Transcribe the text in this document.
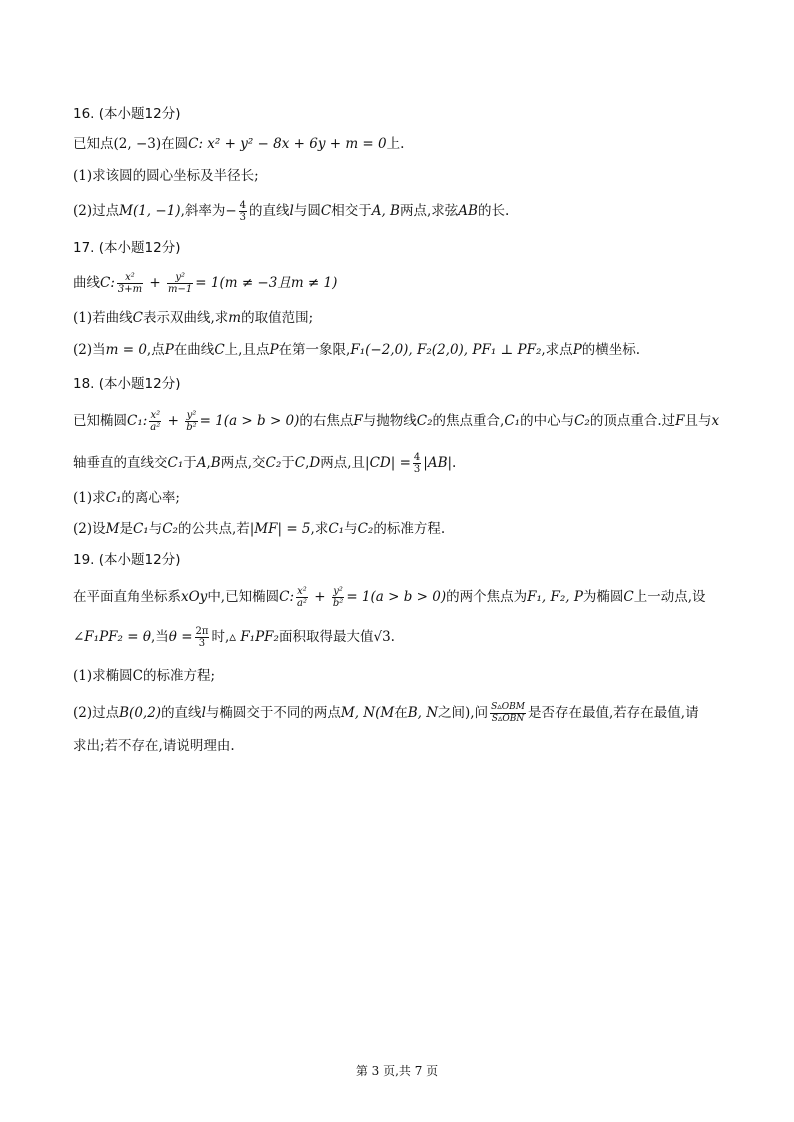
16. (本小题12分)
已知点(2, −3)在圆C: x² + y² − 8x + 6y + m = 0上.
(1)求该圆的圆心坐标及半径长;
(2)过点M(1, −1),斜率为− $\frac{4}{3}$ 的直线l与圆C相交于A, B两点,求弦AB的长.
17. (本小题12分)
曲线C: $\frac{\text{x²}}{3+m} + \frac{\text{y²}}{m-1} = 1(m \ne -3$且m ≠ 1)
(1)若曲线C表示双曲线,求m的取值范围;
(2)当m = 0,点P在曲线C上,且点P在第一象限,F₁(−2,0), F₂(2,0), PF₁ ⊥ PF₂,求点P的横坐标.
18. (本小题12分)
已知椭圆C₁: $\frac{\text{x²}}{\text{a²}} + \frac{\text{y²}}{\text{b²}} = 1(a > b > 0)$的右焦点F与抛物线C₂的焦点重合,C₁的中心与C₂的顶点重合.过F且与x
轴垂直的直线交C₁于A,B两点,交C₂于C,D两点,且$|CD| = \frac{4}{3} |AB|$.
(1)求C₁的离心率;
(2)设M是C₁与C₂的公共点,若|MF| = 5,求C₁与C₂的标准方程.
19. (本小题12分)
在平面直角坐标系xOy中,已知椭圆C: $\frac{\text{x²}}{\text{a²}} + \frac{\text{y²}}{\text{b²}} = 1(a > b > 0)$的两个焦点为F₁, F₂, P为椭圆C上一动点,设
∠F₁PF₂ = θ,当$\theta = \frac{2\pi}{3}$ 时,▵ F₁PF₂面积取得最大值√3.
(1)求椭圆C的标准方程;
(2)过点B(0,2)的直线l与椭圆交于不同的两点M, N(M在B, N之间),问 $\frac{\text{S▵OBM}}{\text{S▵OBN}}$ 是否存在最值,若存在最值,请
求出;若不存在,请说明理由.
第 3 页,共 7 页
